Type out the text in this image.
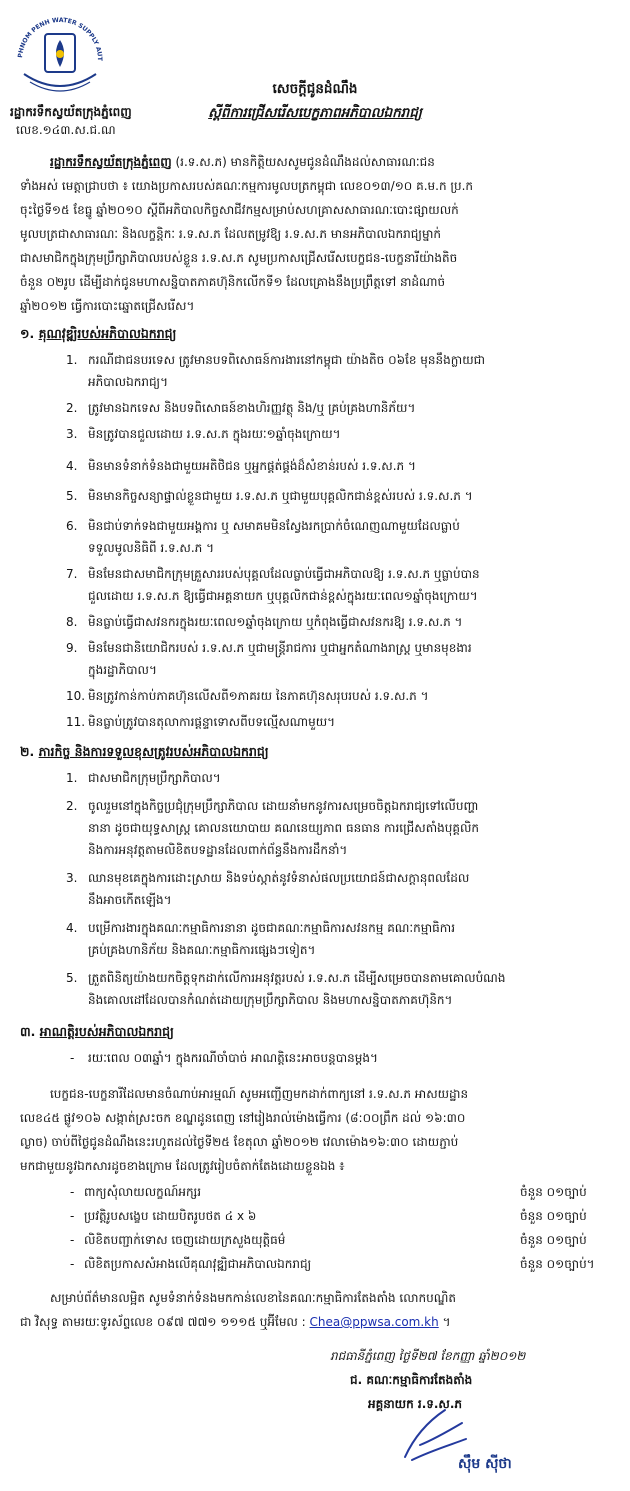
PHNOM PENH WATER SUPPLY AUT
រដ្ឋាករទឹកស្វយ័តក្រុងភ្នំពេញ
លេខ.១៤៣.ស.ជ.ណ
សេចក្តីជូនដំណឹង
ស្តីពីការជ្រើសរើសបេក្ខភាពអភិបាលឯករាជ្យ
រដ្ឋាករទឹកស្វយ័តក្រុងភ្នំពេញ (រ.ទ.ស.ភ) មានកិត្តិយសសូមជូនដំណឹងដល់សាធារណៈជន
ទាំងអស់ មេត្តាជ្រាបថា ៖ យោងប្រកាសរបស់គណៈកម្មការមូលបត្រកម្ពុជា លេខ០១៣/១០ គ.ម.ក ប្រ.ក
ចុះថ្ងៃទី១៥ ខែធ្នូ ឆ្នាំ២០១០ ស្តីពីអភិបាលកិច្ចសាជីវកម្មសម្រាប់សហគ្រាសសាធារណៈបោះផ្សាយលក់
មូលបត្រជាសាធារណៈ និងលក្ខន្តិកៈ រ.ទ.ស.ភ ដែលតម្រូវឱ្យ រ.ទ.ស.ភ មានអភិបាលឯករាជ្យម្នាក់
ជាសមាជិកក្នុងក្រុមប្រឹក្សាភិបាលរបស់ខ្លួន រ.ទ.ស.ភ សូមប្រកាសជ្រើសរើសបេក្ខជន-បេក្ខនារីយ៉ាងតិច
ចំនួន ០២រូប ដើម្បីដាក់ជូនមហាសន្និបាតភាគហ៊ុនិកលើកទី១ ដែលគ្រោងនឹងប្រព្រឹត្តទៅ នាដំណាច់
ឆ្នាំ២០១២ ធ្វើការបោះឆ្នោតជ្រើសរើស។
១. គុណវុឌ្ឍិរបស់អភិបាលឯករាជ្យ
1. ករណីជាជនបរទេស ត្រូវមានបទពិសោធន៍ការងារនៅកម្ពុជា យ៉ាងតិច ០៦ខែ មុននឹងក្លាយជា
អភិបាលឯករាជ្យ។
2. ត្រូវមានឯកទេស និងបទពិសោធន៍ខាងហិរញ្ញវត្ថុ និង/ឬ គ្រប់គ្រងហានិភ័យ។
3. មិនត្រូវបានជួលដោយ រ.ទ.ស.ភ ក្នុងរយៈ១ឆ្នាំចុងក្រោយ។
4. មិនមានទំនាក់ទំនងជាមួយអតិថិជន ឬអ្នកផ្គត់ផ្គង់ដ៏សំខាន់របស់ រ.ទ.ស.ភ ។
5. មិនមានកិច្ចសន្យាផ្ទាល់ខ្លួនជាមួយ រ.ទ.ស.ភ ឬជាមួយបុគ្គលិកជាន់ខ្ពស់របស់ រ.ទ.ស.ភ ។
6. មិនជាប់ទាក់ទងជាមួយអង្គការ ឬ សមាគមមិនស្វែងរកប្រាក់ចំណេញណាមួយដែលធ្លាប់
ទទួលមូលនិធិពី រ.ទ.ស.ភ ។
7. មិនមែនជាសមាជិកក្រុមគ្រួសាររបស់បុគ្គលដែលធ្លាប់ធ្វើជាអភិបាលឱ្យ រ.ទ.ស.ភ ឬធ្លាប់បាន
ជួលដោយ រ.ទ.ស.ភ ឱ្យធ្វើជាអគ្គនាយក ឬបុគ្គលិកជាន់ខ្ពស់ក្នុងរយៈពេល១ឆ្នាំចុងក្រោយ។
8. មិនធ្លាប់ធ្វើជាសវនករក្នុងរយៈពេល១ឆ្នាំចុងក្រោយ ឬកំពុងធ្វើជាសវនករឱ្យ រ.ទ.ស.ភ ។
9. មិនមែនជានិយោជិករបស់ រ.ទ.ស.ភ ឬជាមន្ត្រីរាជការ ឬជាអ្នកតំណាងរាស្ត្រ ឬមានមុខងារ
ក្នុងរដ្ឋាភិបាល។
10. មិនត្រូវកាន់កាប់ភាគហ៊ុនលើសពី១ភាគរយ នៃភាគហ៊ុនសរុបរបស់ រ.ទ.ស.ភ ។
11. មិនធ្លាប់ត្រូវបានតុលាការផ្តន្ទាទោសពីបទល្មើសណាមួយ។
២. ភារកិច្ច និងការទទួលខុសត្រូវរបស់អភិបាលឯករាជ្យ
1. ជាសមាជិកក្រុមប្រឹក្សាភិបាល។
2. ចូលរួមនៅក្នុងកិច្ចប្រជុំក្រុមប្រឹក្សាភិបាល ដោយនាំមកនូវការសម្រេចចិត្តឯករាជ្យទៅលើបញ្ហា
នានា ដូចជាយុទ្ធសាស្ត្រ គោលនយោបាយ គណនេយ្យភាព ធនធាន ការជ្រើសតាំងបុគ្គលិក
និងការអនុវត្តតាមលិខិតបទដ្ឋានដែលពាក់ព័ន្ធនឹងការដឹកនាំ។
3. ឈានមុខគេក្នុងការដោះស្រាយ និងទប់ស្កាត់នូវទំនាស់ផលប្រយោជន៍ជាសក្តានុពលដែល
នឹងអាចកើតឡើង។
4. បម្រើការងារក្នុងគណៈកម្មាធិការនានា ដូចជាគណៈកម្មាធិការសវនកម្ម គណៈកម្មាធិការ
គ្រប់គ្រងហានិភ័យ និងគណៈកម្មាធិការផ្សេងៗទៀត។
5. ត្រួតពិនិត្យយ៉ាងយកចិត្តទុកដាក់លើការអនុវត្តរបស់ រ.ទ.ស.ភ ដើម្បីសម្រេចបានតាមគោលបំណង
និងគោលដៅដែលបានកំណត់ដោយក្រុមប្រឹក្សាភិបាល និងមហាសន្និបាតភាគហ៊ុនិក។
៣. អាណត្តិរបស់អភិបាលឯករាជ្យ
- រយៈពេល ០៣ឆ្នាំ។ ក្នុងករណីចាំបាច់ អាណត្តិនេះអាចបន្តបានម្តង។
បេក្ខជន-បេក្ខនារីដែលមានចំណាប់អារម្មណ៍ សូមអញ្ជើញមកដាក់ពាក្យនៅ រ.ទ.ស.ភ អាសយដ្ឋាន
លេខ៤៥ ផ្លូវ១០៦ សង្កាត់ស្រះចក ខណ្ឌដូនពេញ នៅរៀងរាល់ម៉ោងធ្វើការ (៨:០០ព្រឹក ដល់ ១៦:៣០
ល្ងាច) ចាប់ពីថ្ងៃជូនដំណឹងនេះរហូតដល់ថ្ងៃទី២៥ ខែតុលា ឆ្នាំ២០១២ វេលាម៉ោង១៦:៣០ ដោយភ្ជាប់
មកជាមួយនូវឯកសារដូចខាងក្រោម ដែលត្រូវរៀបចំតាក់តែងដោយខ្លួនឯង ៖
- ពាក្យសុំលាយលក្ខណ៍អក្សរ	ចំនួន ០១ច្បាប់
- ប្រវត្តិរូបសង្ខេប ដោយបិតរូបថត ៤ x ៦	ចំនួន ០១ច្បាប់
- លិខិតបញ្ជាក់ទោស ចេញដោយក្រសួងយុត្តិធម៌	ចំនួន ០១ច្បាប់
- លិខិតប្រកាសសំអាងលើគុណវុឌ្ឍិជាអភិបាលឯករាជ្យ	ចំនួន ០១ច្បាប់។
សម្រាប់ព័ត៌មានលម្អិត សូមទំនាក់ទំនងមកកាន់លេខានៃគណៈកម្មាធិការតែងតាំង លោកបណ្ឌិត
ជា វិសុទ្ធ តាមរយៈទូរស័ព្ទលេខ ០៩៧ ៧៧១ ១១១៥ ឬអ៊ីមែល : Chea@ppwsa.com.kh ។
រាជធានីភ្នំពេញ ថ្ងៃទី២៧ ខែកញ្ញា ឆ្នាំ២០១២
ជ. គណៈកម្មាធិការតែងតាំង
អគ្គនាយក រ.ទ.ស.ភ
ស៊ឹម ស៊ីថា
